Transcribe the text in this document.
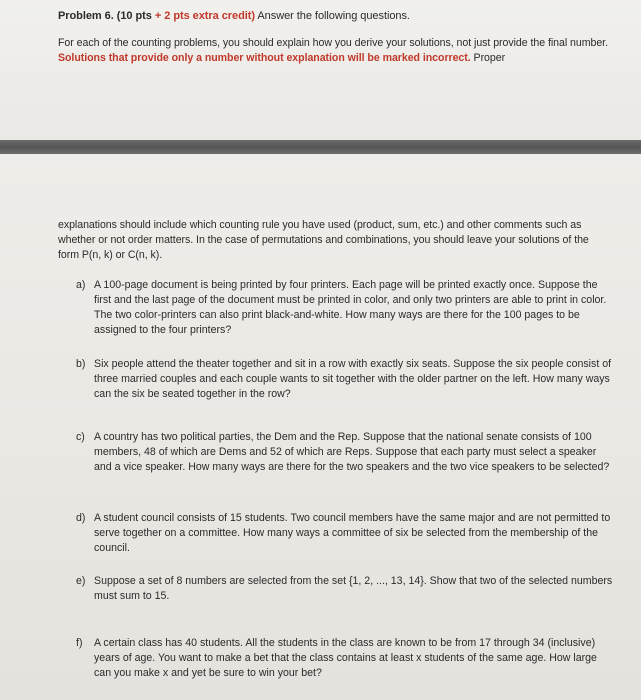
Problem 6. (10 pts + 2 pts extra credit) Answer the following questions.
For each of the counting problems, you should explain how you derive your solutions, not just provide the final number. Solutions that provide only a number without explanation will be marked incorrect. Proper
explanations should include which counting rule you have used (product, sum, etc.) and other comments such as whether or not order matters. In the case of permutations and combinations, you should leave your solutions of the form P(n, k) or C(n, k).
a) A 100-page document is being printed by four printers. Each page will be printed exactly once. Suppose the first and the last page of the document must be printed in color, and only two printers are able to print in color. The two color-printers can also print black-and-white. How many ways are there for the 100 pages to be assigned to the four printers?
b) Six people attend the theater together and sit in a row with exactly six seats. Suppose the six people consist of three married couples and each couple wants to sit together with the older partner on the left. How many ways can the six be seated together in the row?
c) A country has two political parties, the Dem and the Rep. Suppose that the national senate consists of 100 members, 48 of which are Dems and 52 of which are Reps. Suppose that each party must select a speaker and a vice speaker. How many ways are there for the two speakers and the two vice speakers to be selected?
d) A student council consists of 15 students. Two council members have the same major and are not permitted to serve together on a committee. How many ways a committee of six be selected from the membership of the council.
e) Suppose a set of 8 numbers are selected from the set {1, 2, ..., 13, 14}. Show that two of the selected numbers must sum to 15.
f) A certain class has 40 students. All the students in the class are known to be from 17 through 34 (inclusive) years of age. You want to make a bet that the class contains at least x students of the same age. How large can you make x and yet be sure to win your bet?
